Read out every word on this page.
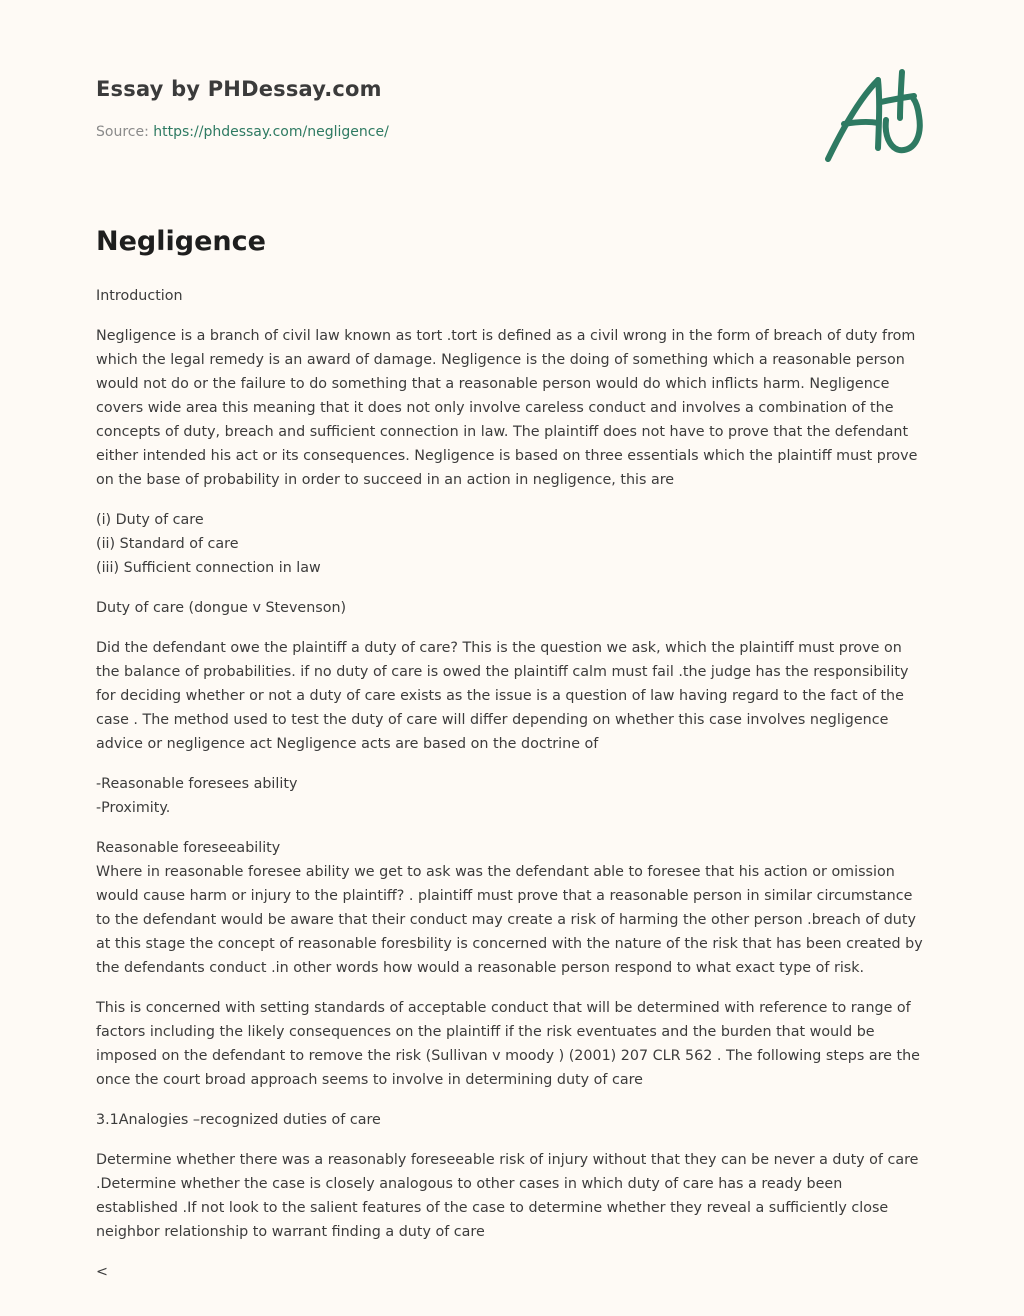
Essay by PHDessay.com
Source: https://phdessay.com/negligence/
Negligence

Introduction

Negligence is a branch of civil law known as tort .tort is defined as a civil wrong in the form of breach of duty from which the legal remedy is an award of damage. Negligence is the doing of something which a reasonable person would not do or the failure to do something that a reasonable person would do which inflicts harm. Negligence covers wide area this meaning that it does not only involve careless conduct and involves a combination of the concepts of duty, breach and sufficient connection in law. The plaintiff does not have to prove that the defendant either intended his act or its consequences. Negligence is based on three essentials which the plaintiff must prove on the base of probability in order to succeed in an action in negligence, this are

(i) Duty of care
(ii) Standard of care
(iii) Sufficient connection in law

Duty of care (dongue v Stevenson)

Did the defendant owe the plaintiff a duty of care? This is the question we ask, which the plaintiff must prove on the balance of probabilities. if no duty of care is owed the plaintiff calm must fail .the judge has the responsibility for deciding whether or not a duty of care exists as the issue is a question of law having regard to the fact of the case . The method used to test the duty of care will differ depending on whether this case involves negligence advice or negligence act Negligence acts are based on the doctrine of

-Reasonable foresees ability
-Proximity.

Reasonable foreseeability
Where in reasonable foresee ability we get to ask was the defendant able to foresee that his action or omission would cause harm or injury to the plaintiff? . plaintiff must prove that a reasonable person in similar circumstance to the defendant would be aware that their conduct may create a risk of harming the other person .breach of duty at this stage the concept of reasonable foresbility is concerned with the nature of the risk that has been created by the defendants conduct .in other words how would a reasonable person respond to what exact type of risk.

This is concerned with setting standards of acceptable conduct that will be determined with reference to range of factors including the likely consequences on the plaintiff if the risk eventuates and the burden that would be imposed on the defendant to remove the risk (Sullivan v moody ) (2001) 207 CLR 562 . The following steps are the once the court broad approach seems to involve in determining duty of care

3.1Analogies –recognized duties of care

Determine whether there was a reasonably foreseeable risk of injury without that they can be never a duty of care .Determine whether the case is closely analogous to other cases in which duty of care has a ready been established .If not look to the salient features of the case to determine whether they reveal a sufficiently close neighbor relationship to warrant finding a duty of care

<
